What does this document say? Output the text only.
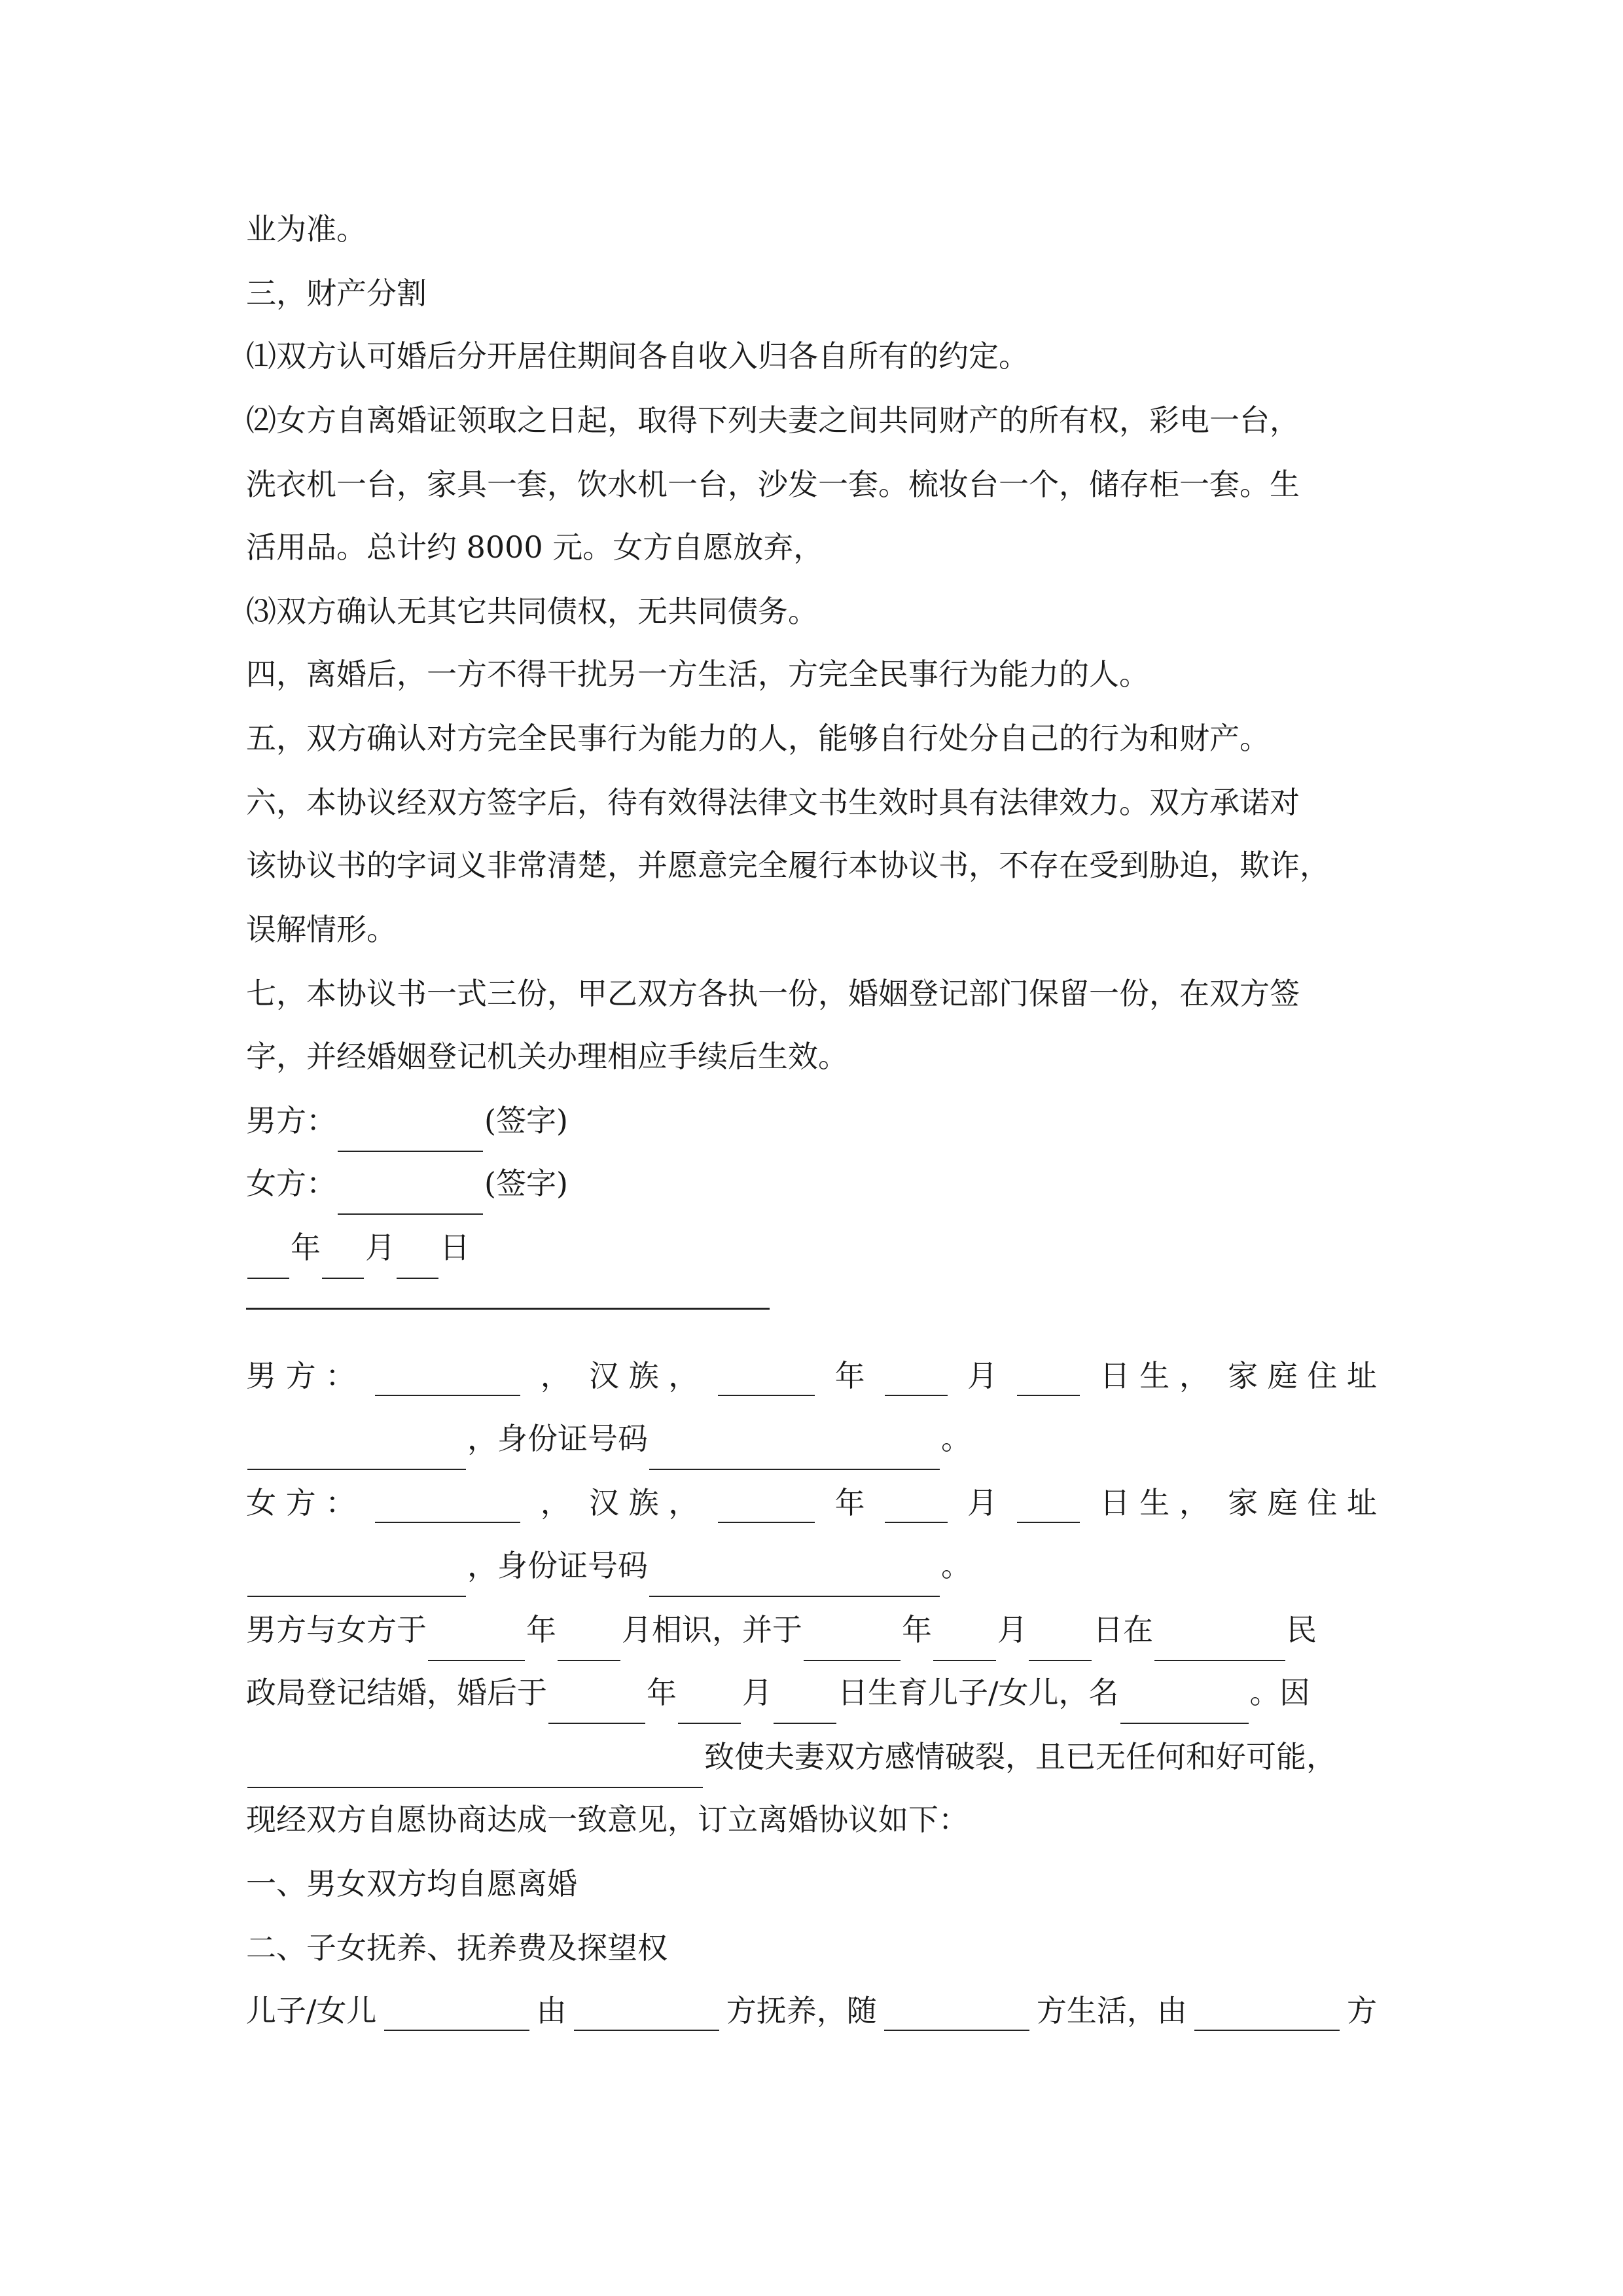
业为准。
三，财产分割
⑴双方认可婚后分开居住期间各自收入归各自所有的约定。
⑵女方自离婚证领取之日起，取得下列夫妻之间共同财产的所有权，彩电一台，
洗衣机一台，家具一套，饮水机一台，沙发一套。梳妆台一个，储存柜一套。生
活用品。总计约 8000 元。女方自愿放弃，
⑶双方确认无其它共同债权，无共同债务。
四，离婚后，一方不得干扰另一方生活，方完全民事行为能力的人。
五，双方确认对方完全民事行为能力的人，能够自行处分自己的行为和财产。
六，本协议经双方签字后，待有效得法律文书生效时具有法律效力。双方承诺对
该协议书的字词义非常清楚，并愿意完全履行本协议书，不存在受到胁迫，欺诈，
误解情形。
七，本协议书一式三份，甲乙双方各执一份，婚姻登记部门保留一份，在双方签
字，并经婚姻登记机关办理相应手续后生效。
男方：	(签字)
女方：	(签字)
年 月 日
男 方 ：	， 汉 族 ，	年	月	日 生 ， 家 庭 住 址
，身份证号码	。
女 方 ：	， 汉 族 ，	年	月	日 生 ， 家 庭 住 址
，身份证号码	。
男方与女方于	年 月相识，并于	年 月 日在	民
政局登记结婚，婚后于	年 月 日生育儿子/女儿，名	。因
致使夫妻双方感情破裂，且已无任何和好可能，
现经双方自愿协商达成一致意见，订立离婚协议如下：
一、男女双方均自愿离婚
二、子女抚养、抚养费及探望权
儿子/女儿	由	方抚养，随	方生活，由	方
